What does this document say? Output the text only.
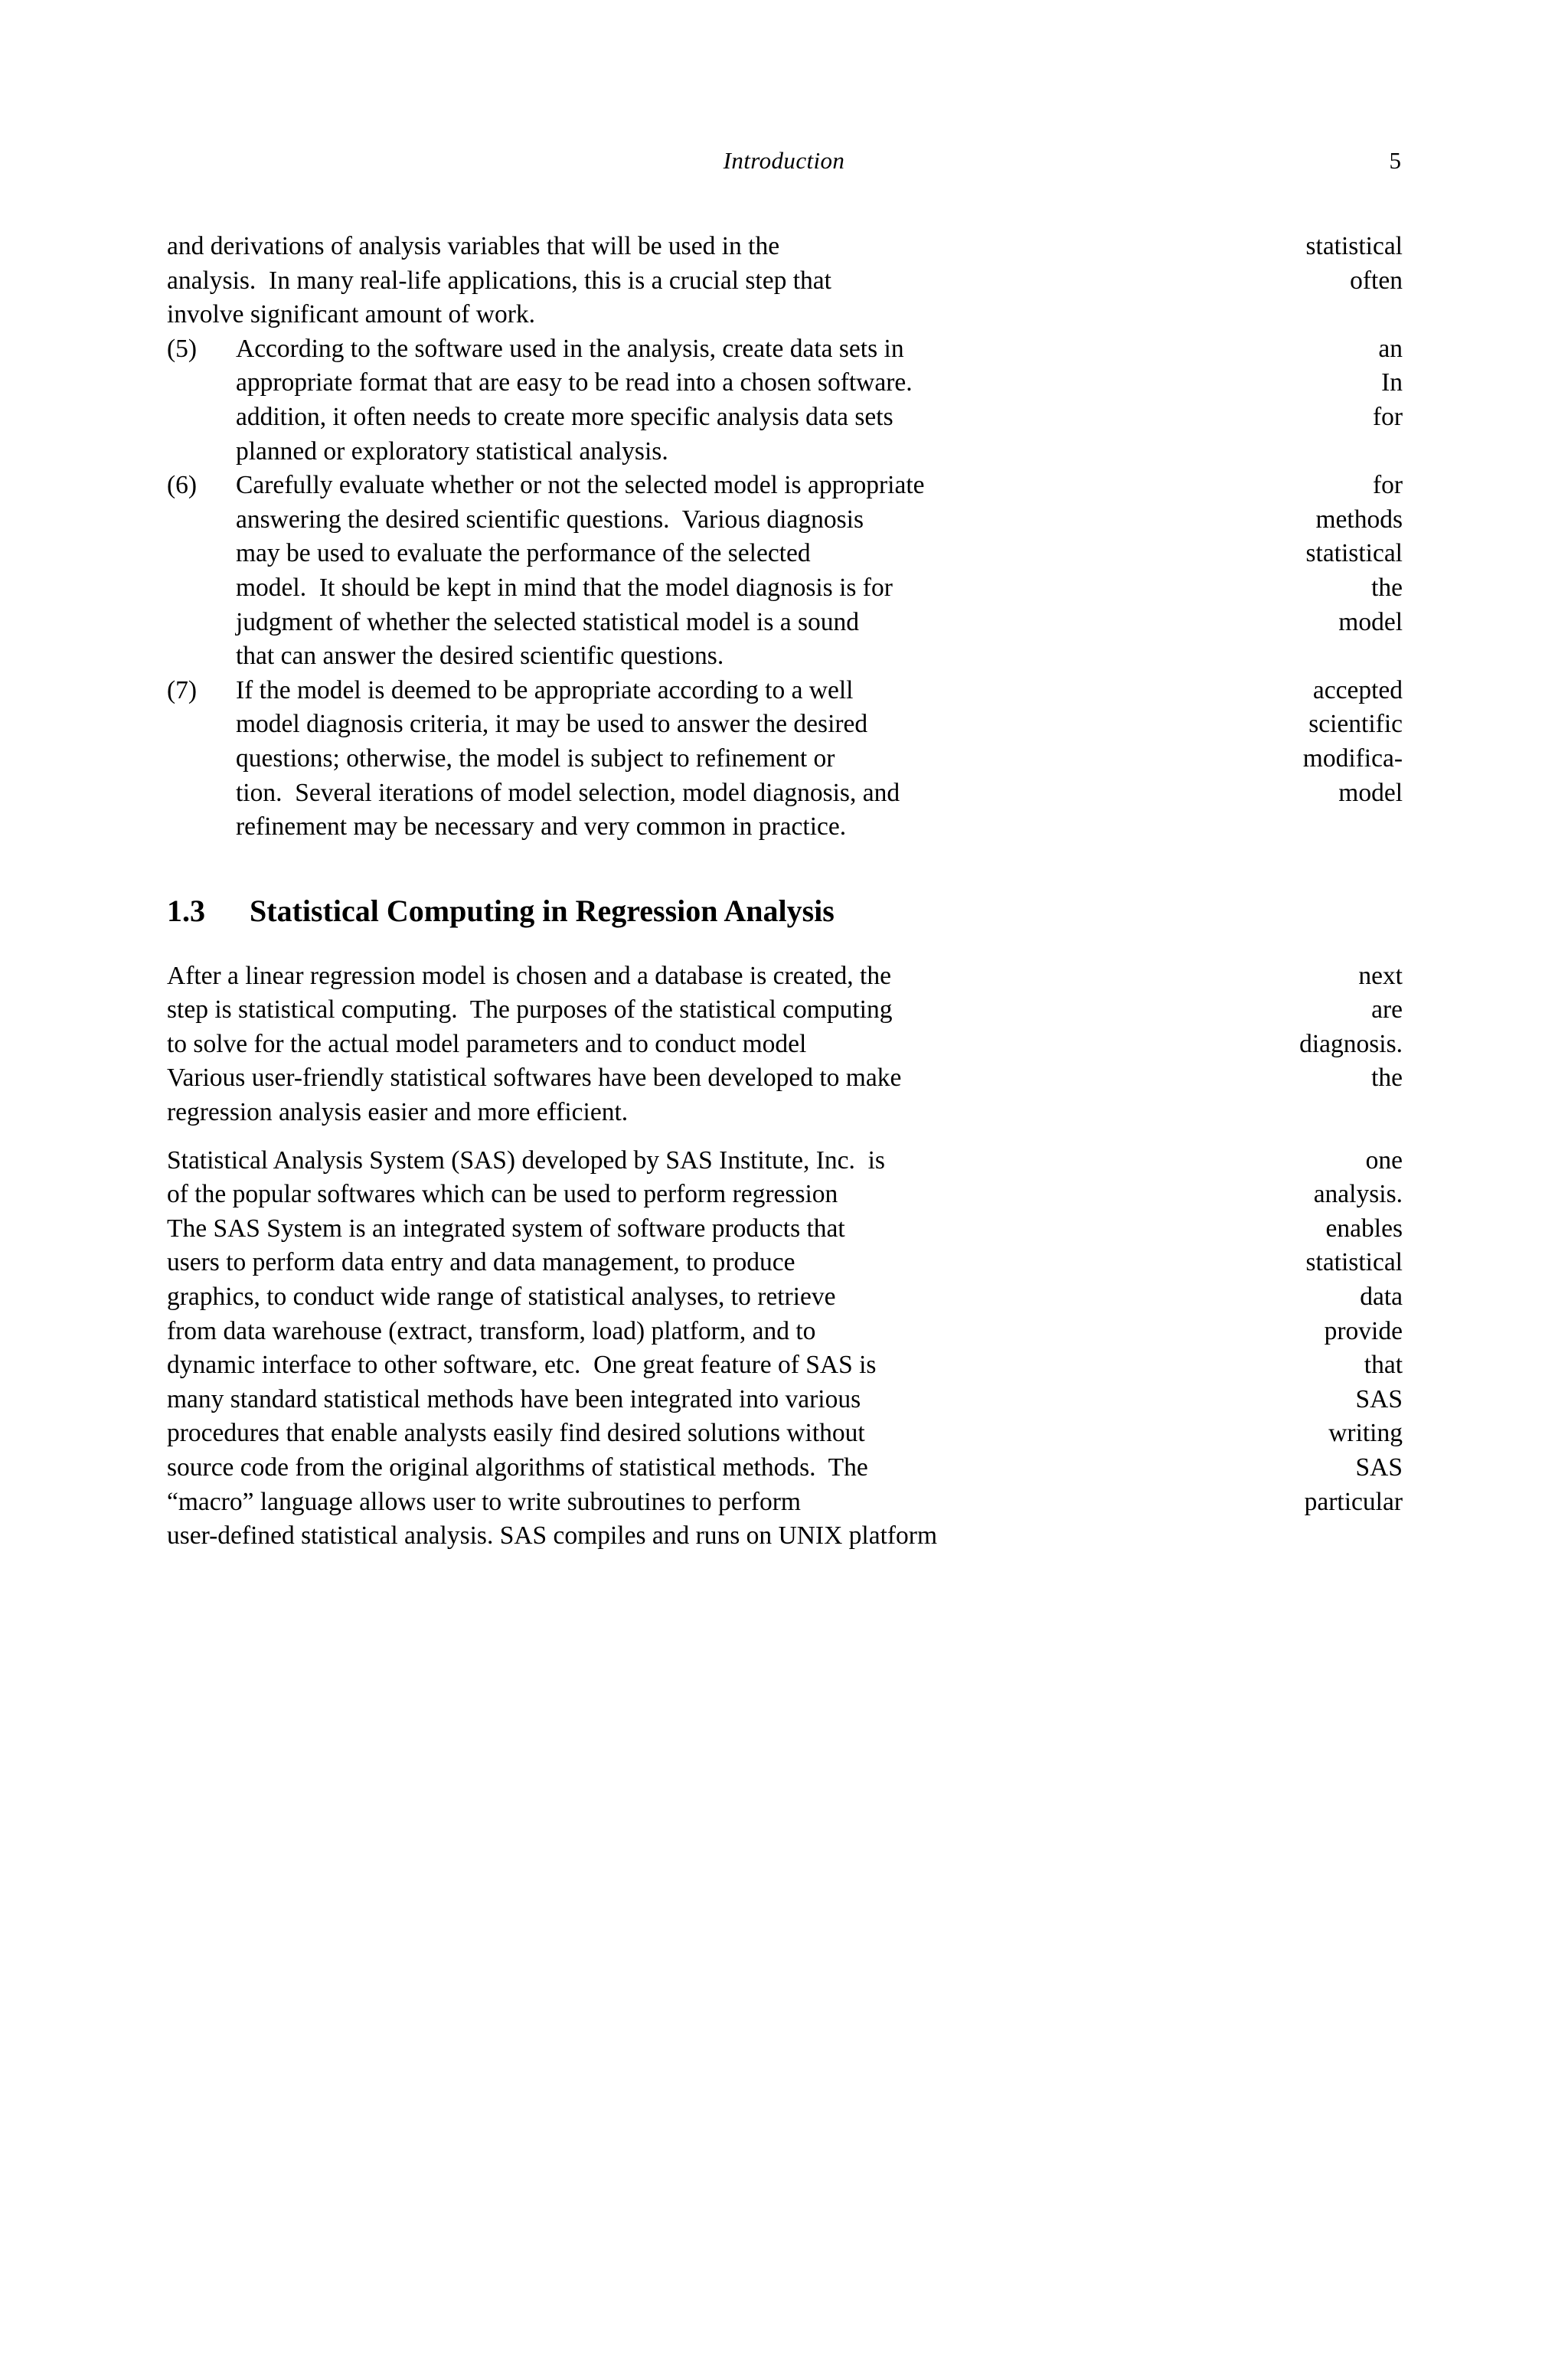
Introduction	5
and derivations of analysis variables that will be used in the	statistical
analysis.  In many real-life applications, this is a crucial step that	often
involve significant amount of work.
(5)	According to the software used in the analysis, create data sets in	an
appropriate format that are easy to be read into a chosen software.	In
addition, it often needs to create more specific analysis data sets	for
planned or exploratory statistical analysis.
(6)	Carefully evaluate whether or not the selected model is appropriate	for
answering the desired scientific questions.  Various diagnosis	methods
may be used to evaluate the performance of the selected	statistical
model.  It should be kept in mind that the model diagnosis is for	the
judgment of whether the selected statistical model is a sound	model
that can answer the desired scientific questions.
(7)	If the model is deemed to be appropriate according to a well	accepted
model diagnosis criteria, it may be used to answer the desired	scientific
questions; otherwise, the model is subject to refinement or	modifica-
tion.  Several iterations of model selection, model diagnosis, and	model
refinement may be necessary and very common in practice.
1.3 Statistical Computing in Regression Analysis
After a linear regression model is chosen and a database is created, the	next
step is statistical computing.  The purposes of the statistical computing	are
to solve for the actual model parameters and to conduct model	diagnosis.
Various user-friendly statistical softwares have been developed to make	the
regression analysis easier and more efficient.
Statistical Analysis System (SAS) developed by SAS Institute, Inc.  is	one
of the popular softwares which can be used to perform regression	analysis.
The SAS System is an integrated system of software products that	enables
users to perform data entry and data management, to produce	statistical
graphics, to conduct wide range of statistical analyses, to retrieve	data
from data warehouse (extract, transform, load) platform, and to	provide
dynamic interface to other software, etc.  One great feature of SAS is	that
many standard statistical methods have been integrated into various	SAS
procedures that enable analysts easily find desired solutions without	writing
source code from the original algorithms of statistical methods.  The	SAS
“macro” language allows user to write subroutines to perform	particular
user-defined statistical analysis. SAS compiles and runs on UNIX platform
